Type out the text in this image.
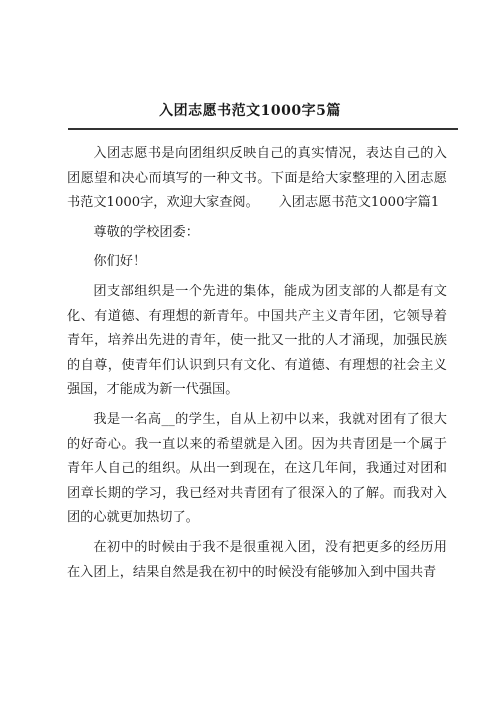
入团志愿书范文1000字5篇

入团志愿书是向团组织反映自己的真实情况，表达自己的入团愿望和决心而填写的一种文书。下面是给大家整理的入团志愿书范文1000字，欢迎大家查阅。　　入团志愿书范文1000字篇1

尊敬的学校团委：

你们好！

团支部组织是一个先进的集体，能成为团支部的人都是有文化、有道德、有理想的新青年。中国共产主义青年团，它领导着青年，培养出先进的青年，使一批又一批的人才涌现，加强民族的自尊，使青年们认识到只有文化、有道德、有理想的社会主义强国，才能成为新一代强国。

我是一名高__的学生，自从上初中以来，我就对团有了很大的好奇心。我一直以来的希望就是入团。因为共青团是一个属于青年人自己的组织。从出一到现在，在这几年间，我通过对团和团章长期的学习，我已经对共青团有了很深入的了解。而我对入团的心就更加热切了。

在初中的时候由于我不是很重视入团，没有把更多的经历用在入团上，结果自然是我在初中的时候没有能够加入到中国共青
